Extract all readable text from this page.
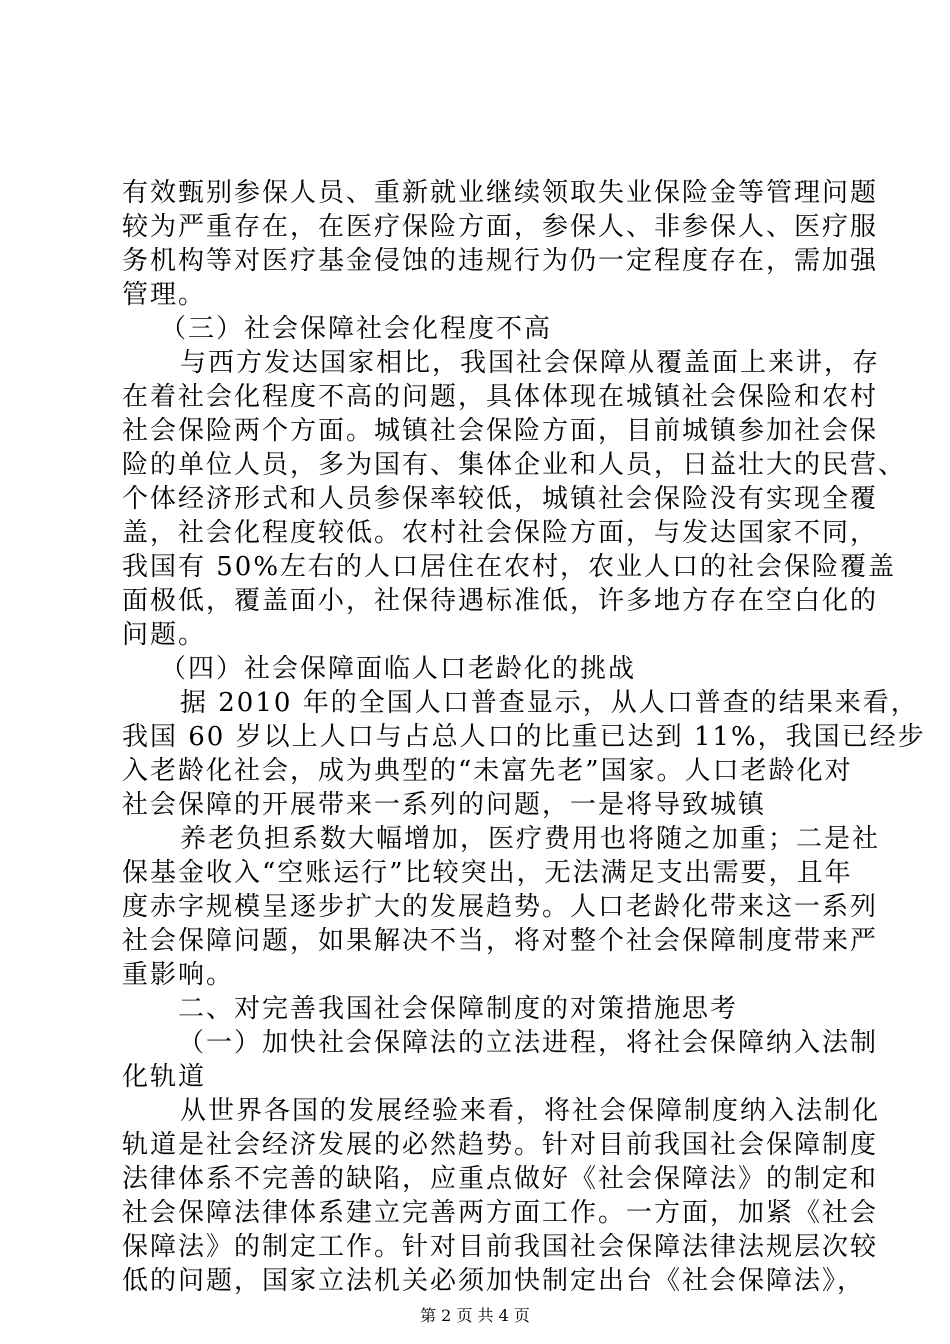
有效甄别参保人员、重新就业继续领取失业保险金等管理问题
较为严重存在，在医疗保险方面，参保人、非参保人、医疗服
务机构等对医疗基金侵蚀的违规行为仍一定程度存在，需加强
管理。
（三）社会保障社会化程度不高
与西方发达国家相比，我国社会保障从覆盖面上来讲，存
在着社会化程度不高的问题，具体体现在城镇社会保险和农村
社会保险两个方面。城镇社会保险方面，目前城镇参加社会保
险的单位人员，多为国有、集体企业和人员，日益壮大的民营、
个体经济形式和人员参保率较低，城镇社会保险没有实现全覆
盖，社会化程度较低。农村社会保险方面，与发达国家不同，
我国有 50%左右的人口居住在农村，农业人口的社会保险覆盖
面极低，覆盖面小，社保待遇标准低，许多地方存在空白化的
问题。
（四）社会保障面临人口老龄化的挑战
据 2010 年的全国人口普查显示，从人口普查的结果来看，
我国 60 岁以上人口与占总人口的比重已达到 11%，我国已经步
入老龄化社会，成为典型的“未富先老”国家。人口老龄化对
社会保障的开展带来一系列的问题，一是将导致城镇
养老负担系数大幅增加，医疗费用也将随之加重；二是社
保基金收入“空账运行”比较突出，无法满足支出需要，且年
度赤字规模呈逐步扩大的发展趋势。人口老龄化带来这一系列
社会保障问题，如果解决不当，将对整个社会保障制度带来严
重影响。
二、对完善我国社会保障制度的对策措施思考
（一）加快社会保障法的立法进程，将社会保障纳入法制
化轨道
从世界各国的发展经验来看，将社会保障制度纳入法制化
轨道是社会经济发展的必然趋势。针对目前我国社会保障制度
法律体系不完善的缺陷，应重点做好《社会保障法》的制定和
社会保障法律体系建立完善两方面工作。一方面，加紧《社会
保障法》的制定工作。针对目前我国社会保障法律法规层次较
低的问题，国家立法机关必须加快制定出台《社会保障法》，
第 2 页 共 4 页
